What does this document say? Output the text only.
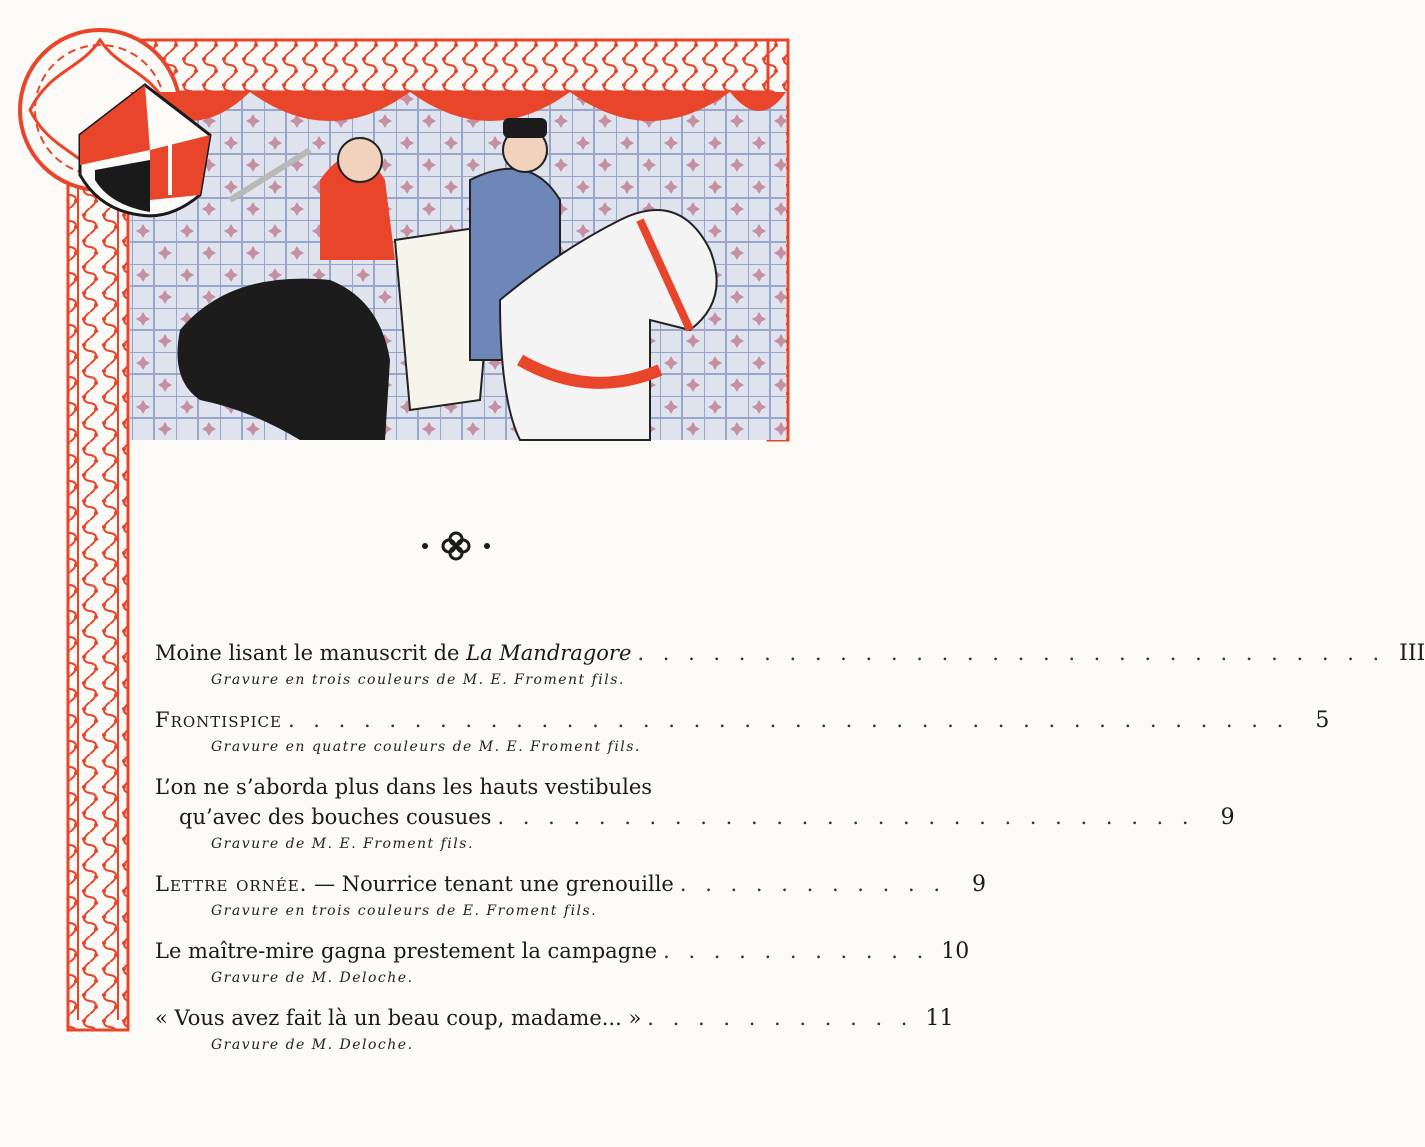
Moine lisant le manuscrit de La Mandragore . . . . . . . . . . . . . . . . . . . . . . . . . . . . . . III
Gravure en trois couleurs de M. E. Froment fils.
Frontispice . . . . . . . . . . . . . . . . . . . . . . . . . . . . . . . . . . . . . . . .	5
Gravure en quatre couleurs de M. E. Froment fils.
L’on ne s’aborda plus dans les hauts vestibules
qu’avec des bouches cousues . . . . . . . . . . . . . . . . . . . . . . . . . . . .	9
Gravure de M. E. Froment fils.
Lettre ornée. — Nourrice tenant une grenouille . . . . . . . . . . .	9
Gravure en trois couleurs de E. Froment fils.
Le maître-mire gagna prestement la campagne . . . . . . . . . . . 10
Gravure de M. Deloche.
« Vous avez fait là un beau coup, madame... » . . . . . . . . . . . 11
Gravure de M. Deloche.
